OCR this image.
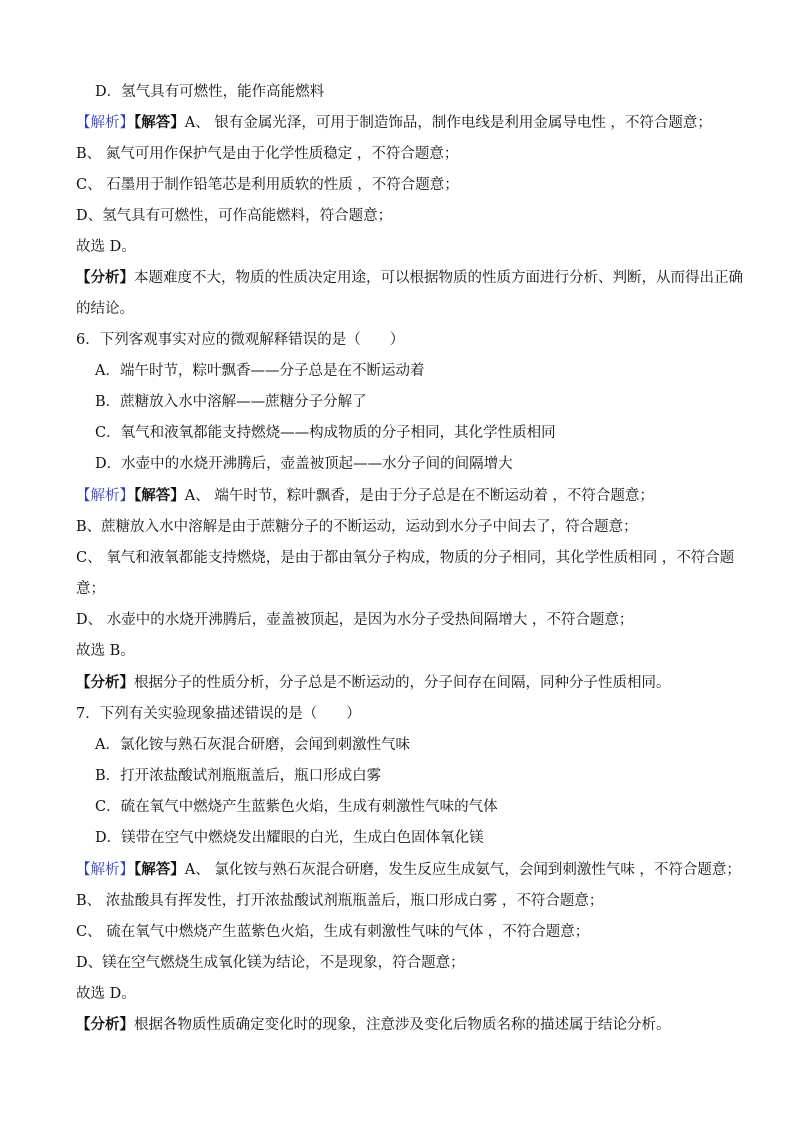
D．氢气具有可燃性，能作高能燃料
【解析】【解答】A、 银有金属光泽，可用于制造饰品，制作电线是利用金属导电性 ，不符合题意；
B、 氮气可用作保护气是由于化学性质稳定 ，不符合题意；
C、 石墨用于制作铅笔芯是利用质软的性质 ，不符合题意；
D、氢气具有可燃性，可作高能燃料，符合题意；
故选 D。
【分析】本题难度不大，物质的性质决定用途，可以根据物质的性质方面进行分析、判断，从而得出正确
的结论。
6．下列客观事实对应的微观解释错误的是（　　）
A．端午时节，粽叶飘香——分子总是在不断运动着
B．蔗糖放入水中溶解——蔗糖分子分解了
C．氧气和液氧都能支持燃烧——构成物质的分子相同，其化学性质相同
D．水壶中的水烧开沸腾后，壶盖被顶起——水分子间的间隔增大
【解析】【解答】A、 端午时节，粽叶飘香，是由于分子总是在不断运动着 ，不符合题意；
B、蔗糖放入水中溶解是由于蔗糖分子的不断运动，运动到水分子中间去了，符合题意；
C、 氧气和液氧都能支持燃烧，是由于都由氧分子构成，物质的分子相同，其化学性质相同 ，不符合题
意；
D、 水壶中的水烧开沸腾后，壶盖被顶起，是因为水分子受热间隔增大 ，不符合题意；
故选 B。
【分析】根据分子的性质分析，分子总是不断运动的，分子间存在间隔，同种分子性质相同。
7．下列有关实验现象描述错误的是（　　）
A．氯化铵与熟石灰混合研磨，会闻到刺激性气味
B．打开浓盐酸试剂瓶瓶盖后，瓶口形成白雾
C．硫在氧气中燃烧产生蓝紫色火焰，生成有刺激性气味的气体
D．镁带在空气中燃烧发出耀眼的白光，生成白色固体氧化镁
【解析】【解答】A、 氯化铵与熟石灰混合研磨，发生反应生成氨气，会闻到刺激性气味 ，不符合题意；
B、 浓盐酸具有挥发性，打开浓盐酸试剂瓶瓶盖后，瓶口形成白雾 ，不符合题意；
C、 硫在氧气中燃烧产生蓝紫色火焰，生成有刺激性气味的气体 ，不符合题意；
D、镁在空气燃烧生成氧化镁为结论，不是现象，符合题意；
故选 D。
【分析】根据各物质性质确定变化时的现象，注意涉及变化后物质名称的描述属于结论分析。
